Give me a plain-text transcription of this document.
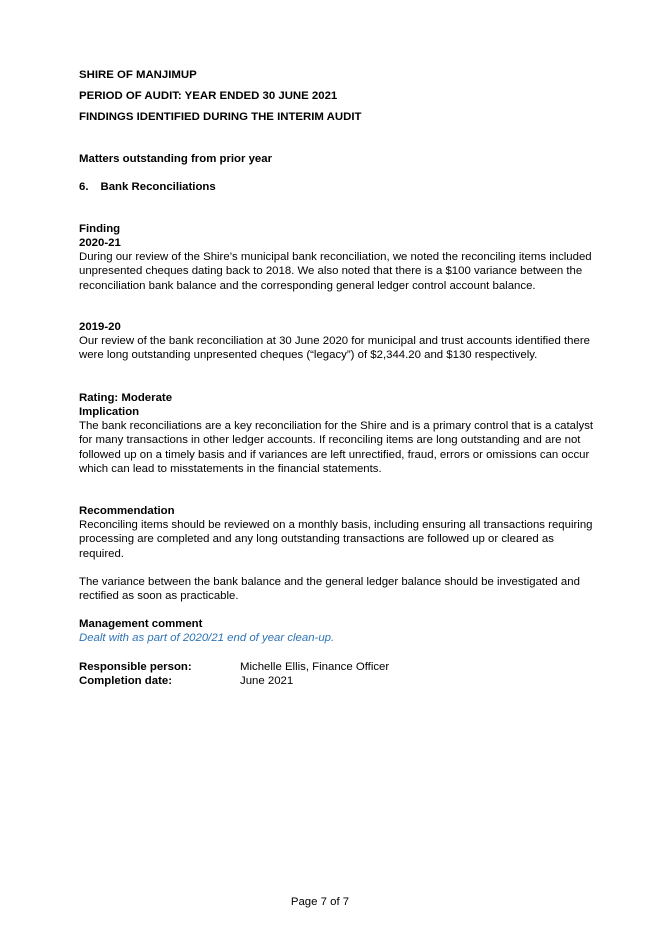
SHIRE OF MANJIMUP
PERIOD OF AUDIT: YEAR ENDED 30 JUNE 2021
FINDINGS IDENTIFIED DURING THE INTERIM AUDIT
Matters outstanding from prior year
6. Bank Reconciliations
Finding
2020-21

During our review of the Shire’s municipal bank reconciliation, we noted the reconciling items included unpresented cheques dating back to 2018. We also noted that there is a $100 variance between the reconciliation bank balance and the corresponding general ledger control account balance.

2019-20

Our review of the bank reconciliation at 30 June 2020 for municipal and trust accounts identified there were long outstanding unpresented cheques (“legacy”) of $2,344.20 and $130 respectively.

Rating: Moderate
Implication

The bank reconciliations are a key reconciliation for the Shire and is a primary control that is a catalyst for many transactions in other ledger accounts. If reconciling items are long outstanding and are not followed up on a timely basis and if variances are left unrectified, fraud, errors or omissions can occur which can lead to misstatements in the financial statements.

Recommendation

Reconciling items should be reviewed on a monthly basis, including ensuring all transactions requiring processing are completed and any long outstanding transactions are followed up or cleared as required.

The variance between the bank balance and the general ledger balance should be investigated and rectified as soon as practicable.

Management comment
Dealt with as part of 2020/21 end of year clean-up.
Responsible person:	Michelle Ellis, Finance Officer
Completion date:	June 2021
Page 7 of 7
